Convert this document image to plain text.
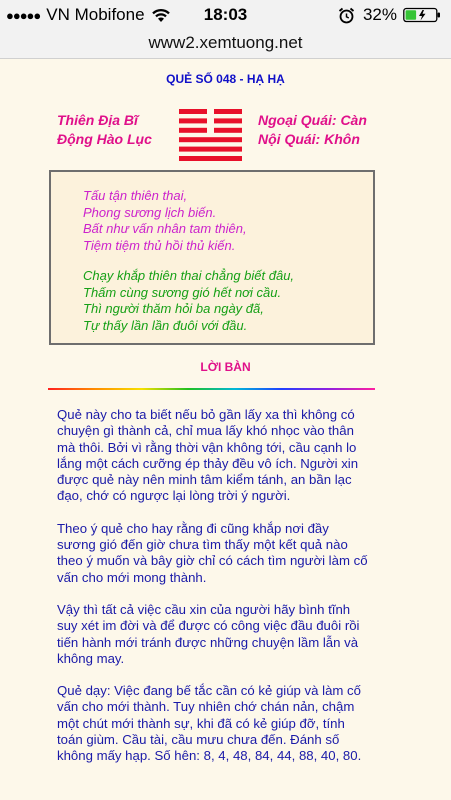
●●●●● VN Mobifone	18:03	32%
www2.xemtuong.net
QUẺ SỐ 048 - HẠ HẠ
Thiên Địa Bĩ
Động Hào Lục
Ngoại Quái: Càn
Nội Quái: Khôn
Tấu tận thiên thai,
Phong sương lịch biến.
Bất như vấn nhân tam thiên,
Tiệm tiệm thủ hồi thủ kiến.
Chạy khắp thiên thai chẳng biết đâu,
Thấm cùng sương gió hết nơi cầu.
Thì người thăm hỏi ba ngày đã,
Tự thấy lần lần đuôi với đầu.
LỜI BÀN

Quẻ này cho ta biết nếu bỏ gần lấy xa thì không có chuyện gì thành cả, chỉ mua lấy khó nhọc vào thân mà thôi. Bởi vì rằng thời vận không tới, cầu cạnh lo lắng một cách cưỡng ép thảy đều vô ích. Người xin được quẻ này nên minh tâm kiểm tánh, an bần lạc đạo, chớ có ngược lại lòng trời ý người.

Theo ý quẻ cho hay rằng đi cũng khắp nơi đầy sương gió đến giờ chưa tìm thấy một kết quả nào theo ý muốn và bây giờ chỉ có cách tìm người làm cố vấn cho mới mong thành.

Vậy thì tất cả việc cầu xin của người hãy bình tĩnh suy xét im đời và để được có công việc đầu đuôi rồi tiến hành mới tránh được những chuyện lầm lẫn và không may.

Quẻ dạy: Việc đang bế tắc cần có kẻ giúp và làm cố vấn cho mới thành. Tuy nhiên chớ chán nản, chậm một chút mới thành sự, khi đã có kẻ giúp đỡ, tính toán giùm. Cầu tài, cầu mưu chưa đến. Đánh số không mấy hạp. Số hên: 8, 4, 48, 84, 44, 88, 40, 80.
